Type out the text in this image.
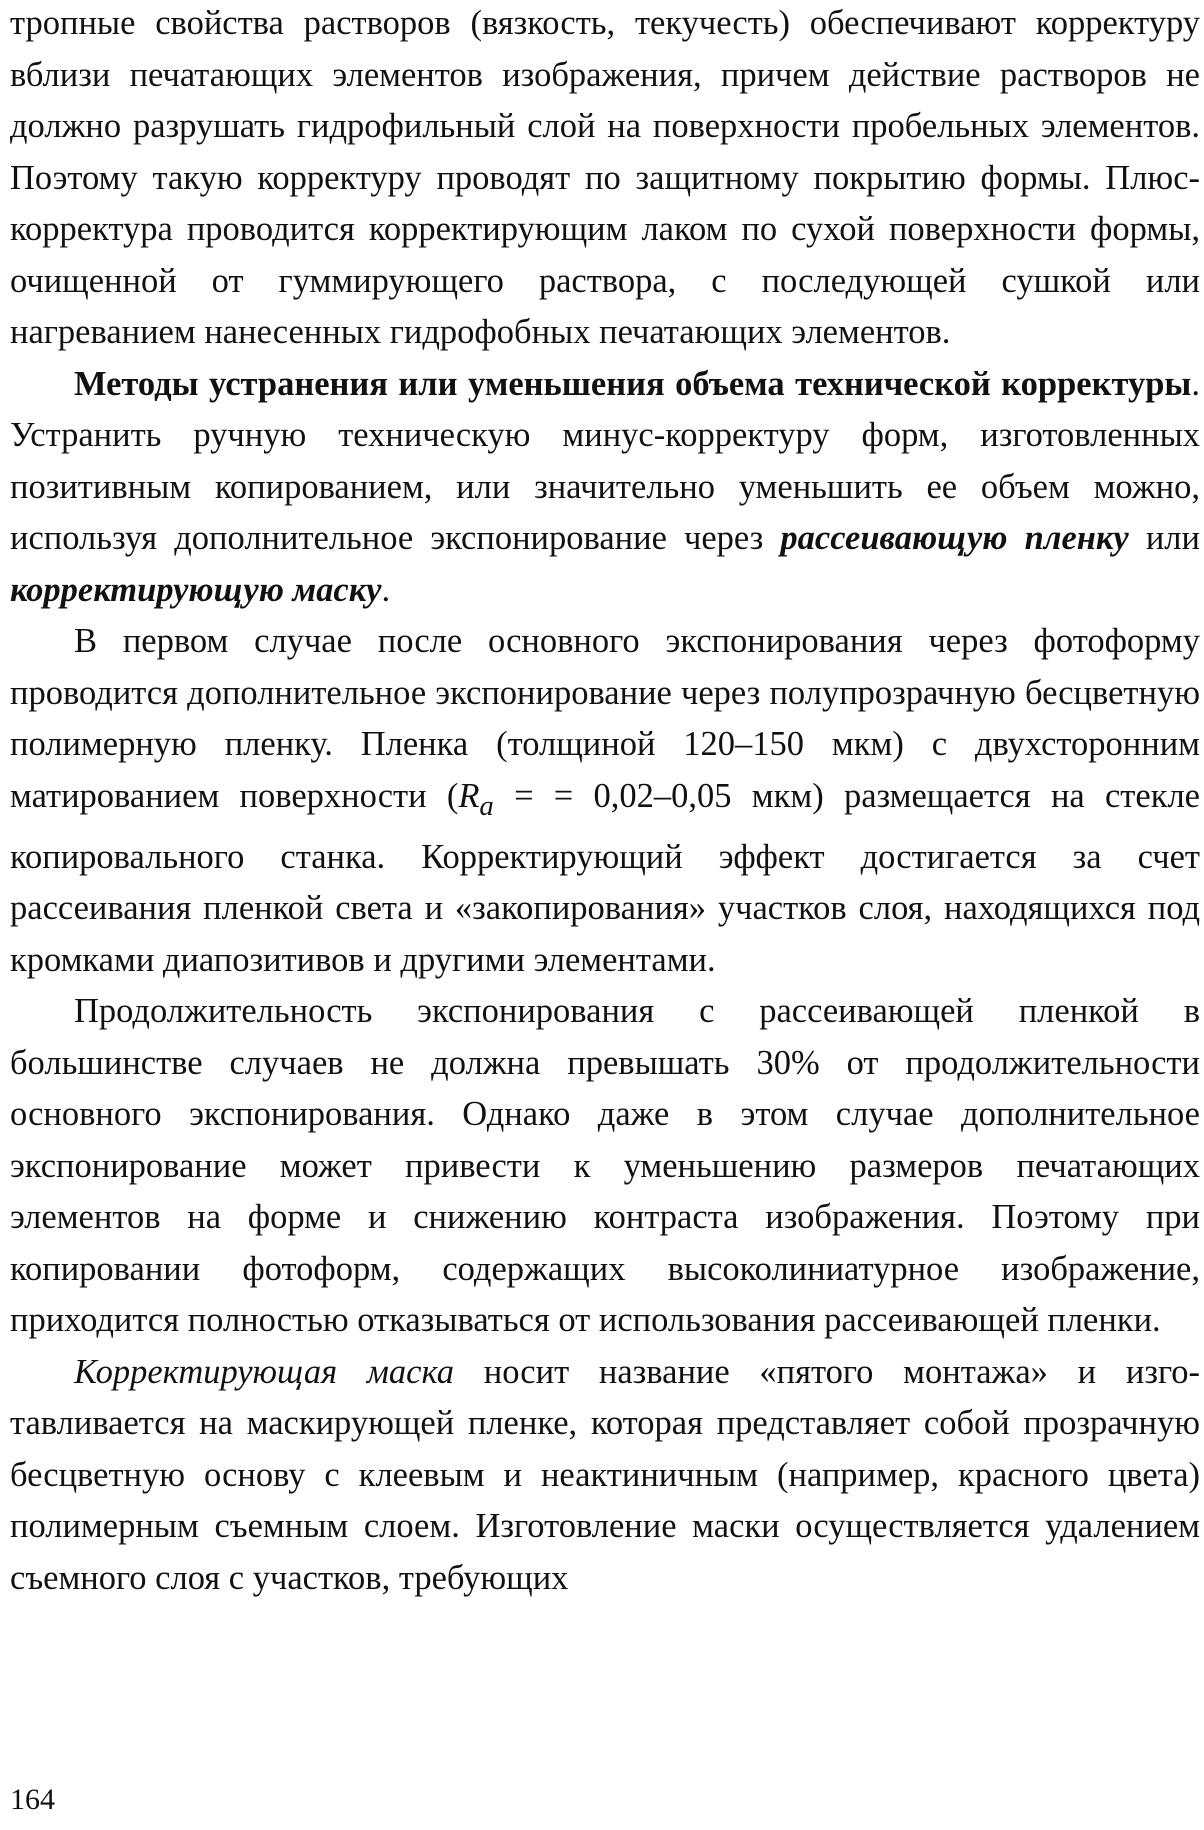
тропные свойства растворов (вязкость, текучесть) обеспечивают корректуру вблизи печатающих элементов изображения, причем действие растворов не должно разрушать гидрофильный слой на поверхности пробельных элементов. Поэтому такую корректуру проводят по защитному покрытию формы. Плюс-корректура проводится корректирующим лаком по сухой поверхности формы, очищенной от гуммирующего раствора, с последующей сушкой или нагреванием нанесенных гидрофобных печатающих элементов.

Методы устранения или уменьшения объема технической корректуры. Устранить ручную техническую минус-корректуру форм, изготовленных позитивным копированием, или значительно уменьшить ее объем можно, используя дополнительное экспонирование через рассеивающую пленку или корректирующую маску.

В первом случае после основного экспонирования через фотоформу проводится дополнительное экспонирование через полупрозрачную бесцветную полимерную пленку. Пленка (толщиной 120–150 мкм) с двухсторонним матированием поверхности ($R_a$ = = 0,02–0,05 мкм) размещается на стекле копировального станка. Корректирующий эффект достигается за счет рассеивания пленкой света и «закопирования» участков слоя, находящихся под кромками диапозитивов и другими элементами.

Продолжительность экспонирования с рассеивающей пленкой в большинстве случаев не должна превышать 30% от продолжительности основного экспонирования. Однако даже в этом случае дополнительное экспонирование может привести к уменьшению размеров печатающих элементов на форме и снижению контраста изображения. Поэтому при копировании фотоформ, содержащих высоколиниатурное изображение, приходится полностью отказываться от использования рассеивающей пленки.

Корректирующая маска носит название «пятого монтажа» и изготавливается на маскирующей пленке, которая представляет собой прозрачную бесцветную основу с клеевым и неактиничным (например, красного цвета) полимерным съемным слоем. Изготовление маски осуществляется удалением съемного слоя с участков, требующих

164
